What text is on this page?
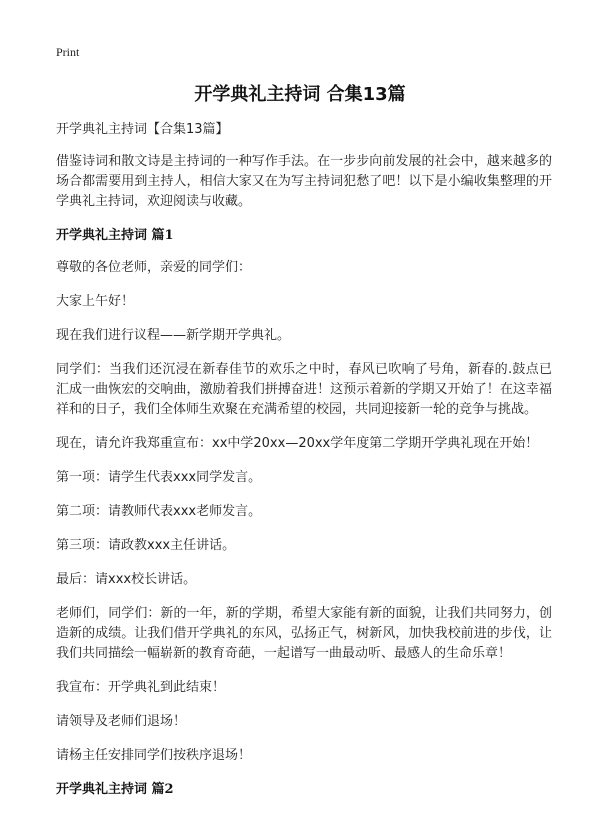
Print
开学典礼主持词 合集13篇

开学典礼主持词【合集13篇】

借鉴诗词和散文诗是主持词的一种写作手法。在一步步向前发展的社会中，越来越多的场合都需要用到主持人，相信大家又在为写主持词犯愁了吧！以下是小编收集整理的开学典礼主持词，欢迎阅读与收藏。

开学典礼主持词 篇1

尊敬的各位老师，亲爱的同学们：

大家上午好！

现在我们进行议程——新学期开学典礼。

同学们：当我们还沉浸在新春佳节的欢乐之中时，春风已吹响了号角，新春的.鼓点已汇成一曲恢宏的交响曲，激励着我们拼搏奋进！这预示着新的学期又开始了！在这幸福祥和的日子，我们全体师生欢聚在充满希望的校园，共同迎接新一轮的竞争与挑战。

现在，请允许我郑重宣布：xx中学20xx—20xx学年度第二学期开学典礼现在开始！

第一项：请学生代表xxx同学发言。

第二项：请教师代表xxx老师发言。

第三项：请政教xxx主任讲话。

最后：请xxx校长讲话。

老师们，同学们：新的一年，新的学期，希望大家能有新的面貌，让我们共同努力，创造新的成绩。让我们借开学典礼的东风，弘扬正气，树新风，加快我校前进的步伐，让我们共同描绘一幅崭新的教育奇葩，一起谱写一曲最动听、最感人的生命乐章！

我宣布：开学典礼到此结束！

请领导及老师们退场！

请杨主任安排同学们按秩序退场！

开学典礼主持词 篇2
